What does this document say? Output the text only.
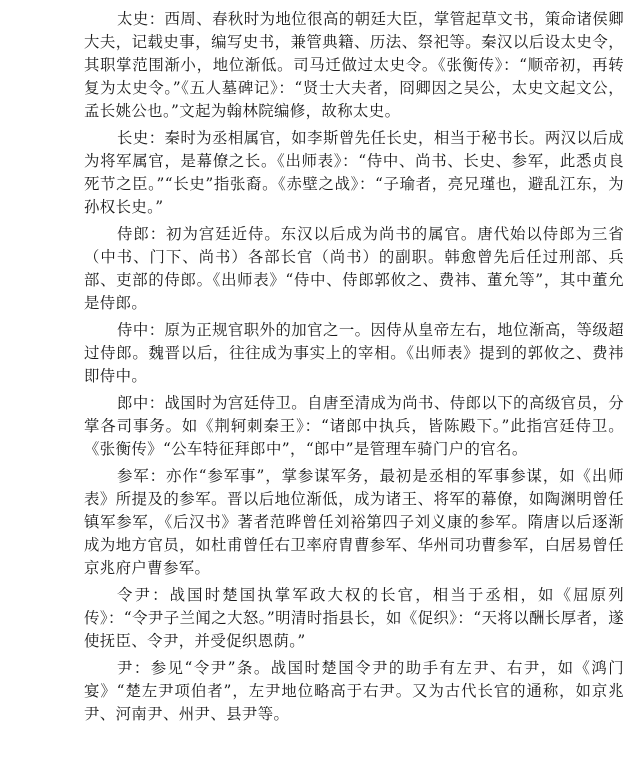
太史：西周、春秋时为地位很高的朝廷大臣，掌管起草文书，策命诸侯卿大夫，记载史事，编写史书，兼管典籍、历法、祭祀等。秦汉以后设太史令，其职掌范围渐小，地位渐低。司马迁做过太史令。《张衡传》：“顺帝初，再转复为太史令。”《五人墓碑记》：“贤士大夫者，冏卿因之吴公，太史文起文公，孟长姚公也。”文起为翰林院编修，故称太史。

长史：秦时为丞相属官，如李斯曾先任长史，相当于秘书长。两汉以后成为将军属官，是幕僚之长。《出师表》：“侍中、尚书、长史、参军，此悉贞良死节之臣。”“长史”指张裔。《赤壁之战》：“子瑜者，亮兄瑾也，避乱江东，为孙权长史。”

侍郎：初为宫廷近侍。东汉以后成为尚书的属官。唐代始以侍郎为三省（中书、门下、尚书）各部长官（尚书）的副职。韩愈曾先后任过刑部、兵部、吏部的侍郎。《出师表》“侍中、侍郎郭攸之、费祎、董允等”，其中董允是侍郎。

侍中：原为正规官职外的加官之一。因侍从皇帝左右，地位渐高，等级超过侍郎。魏晋以后，往往成为事实上的宰相。《出师表》提到的郭攸之、费祎即侍中。

郎中：战国时为宫廷侍卫。自唐至清成为尚书、侍郎以下的高级官员，分掌各司事务。如《荆轲刺秦王》：“诸郎中执兵，皆陈殿下。”此指宫廷侍卫。《张衡传》“公车特征拜郎中”，“郎中”是管理车骑门户的官名。

参军：亦作“参军事”，掌参谋军务，最初是丞相的军事参谋，如《出师表》所提及的参军。晋以后地位渐低，成为诸王、将军的幕僚，如陶渊明曾任镇军参军，《后汉书》著者范晔曾任刘裕第四子刘义康的参军。隋唐以后逐渐成为地方官员，如杜甫曾任右卫率府胄曹参军、华州司功曹参军，白居易曾任京兆府户曹参军。

令尹：战国时楚国执掌军政大权的长官，相当于丞相，如《屈原列传》：“令尹子兰闻之大怒。”明清时指县长，如《促织》：“天将以酬长厚者，遂使抚臣、令尹，并受促织恩荫。”

尹：参见“令尹”条。战国时楚国令尹的助手有左尹、右尹，如《鸿门宴》“楚左尹项伯者”，左尹地位略高于右尹。又为古代长官的通称，如京兆尹、河南尹、州尹、县尹等。
